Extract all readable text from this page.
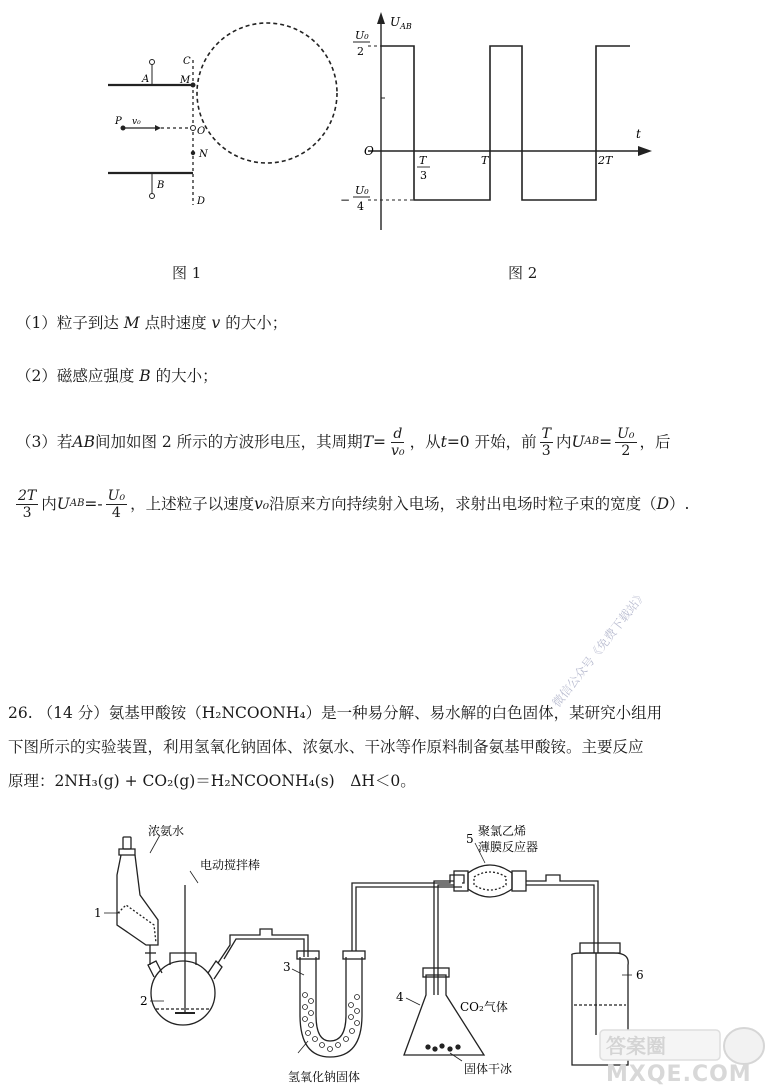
A
B
C
M
P v₀
O
N
D
图 1
$U_{AB}$
t
O
U₀
2
−
U₀
4
T
3
T	2T
图 2
（1）粒子到达 M 点时速度 v 的大小；
（2）磁感应强度 B 的大小；
（3）若 AB 间加如图 2 所示的方波形电压，其周期 $T = \frac{d}{\text{v₀}}$ ，从 t =0 开始，前 $\frac{T}{3}$ 内 U AB = $\frac{\text{U₀}}{2}$ ，后
$\frac{2T}{3}$ 内 U AB =- $\frac{\text{U₀}}{4}$ ，上述粒子以速度 v₀ 沿原来方向持续射入电场，求射出电场时粒子束的宽度（ D ）.
微信公众号《免费下载站》
26. （14 分）氨基甲酸铵（H₂NCOONH₄）是一种易分解、易水解的白色固体，某研究小组用
下图所示的实验装置，利用氢氧化钠固体、浓氨水、干冰等作原料制备氨基甲酸铵。主要反应
原理：2NH₃(g) + CO₂(g)＝H₂NCOONH₄(s)　ΔH＜0。
浓氨水
电动搅拌棒
聚氯乙烯
薄膜反应器
氢氧化钠固体
CO₂气体
固体干冰
1
2
3
4
5
6
答案圈
MXQE.COM
